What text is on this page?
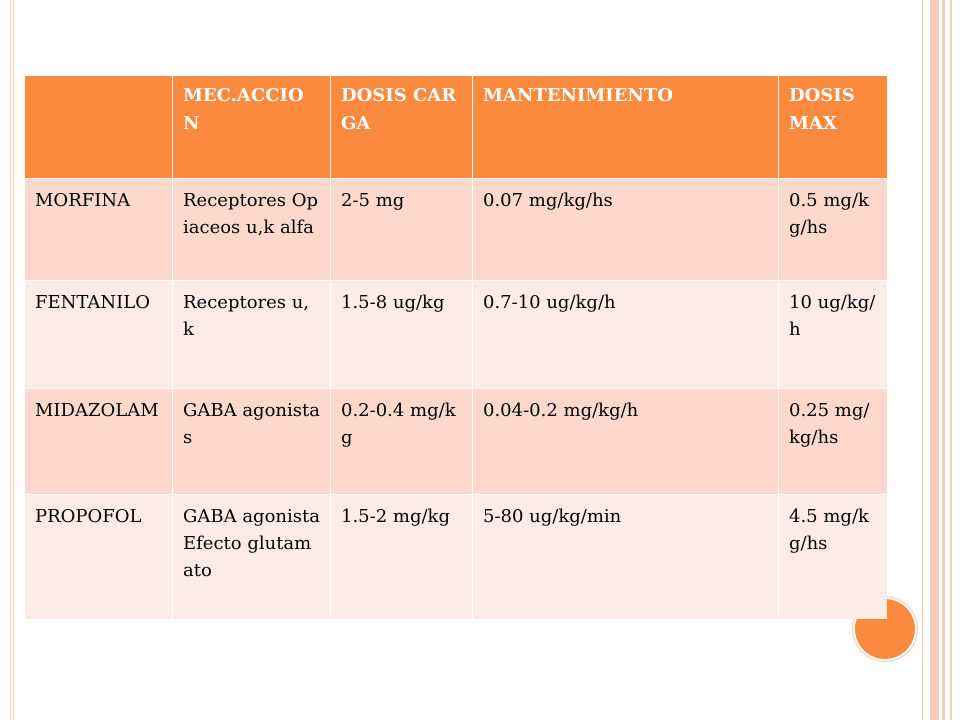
	MEC.ACCION	DOSIS CARGA	MANTENIMIENTO	DOSIS MAX
MORFINA	Receptores Opiaceos u,k alfa	2-5 mg	0.07 mg/kg/hs	0.5 mg/kg/hs
FENTANILO	Receptores u, k	1.5-8 ug/kg	0.7-10 ug/kg/h	10 ug/kg/h
MIDAZOLAM	GABA agonistas	0.2-0.4 mg/kg	0.04-0.2 mg/kg/h	0.25 mg/kg/hs
PROPOFOL	GABA agonista Efecto glutamato	1.5-2 mg/kg	5-80 ug/kg/min	4.5 mg/kg/hs
